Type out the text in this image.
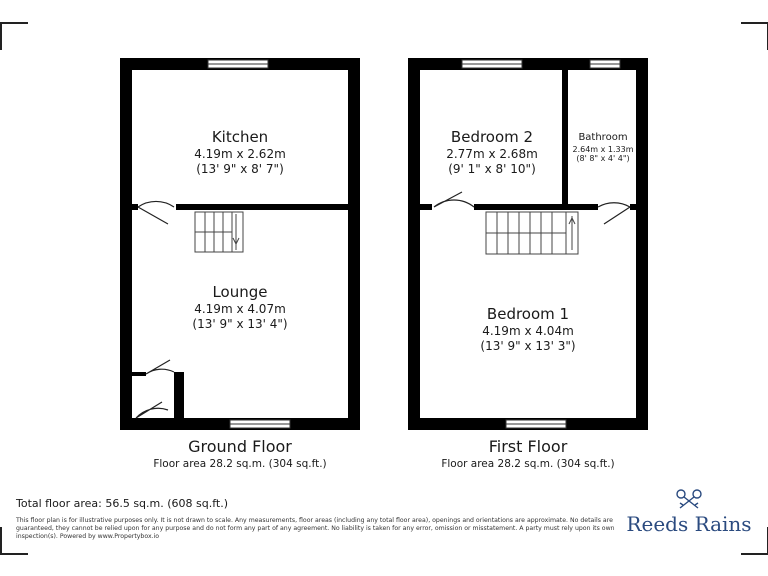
Kitchen
4.19m x 2.62m
(13' 9" x 8' 7")
Lounge
4.19m x 4.07m
(13' 9" x 13' 4")
Bedroom 2
2.77m x 2.68m
(9' 1" x 8' 10")
Bathroom
2.64m x 1.33m
(8' 8" x 4' 4")
Bedroom 1
4.19m x 4.04m
(13' 9" x 13' 3")
Ground Floor
Floor area 28.2 sq.m. (304 sq.ft.)
First Floor
Floor area 28.2 sq.m. (304 sq.ft.)
Total floor area: 56.5 sq.m. (608 sq.ft.)
This floor plan is for illustrative purposes only. It is not drawn to scale. Any measurements, floor areas (including any total floor area), openings and orientations are approximate. No details are guaranteed, they cannot be relied upon for any purpose and do not form any part of any agreement. No liability is taken for any error, omission or misstatement. A party must rely upon its own inspection(s). Powered by www.Propertybox.io
Reeds Rains
